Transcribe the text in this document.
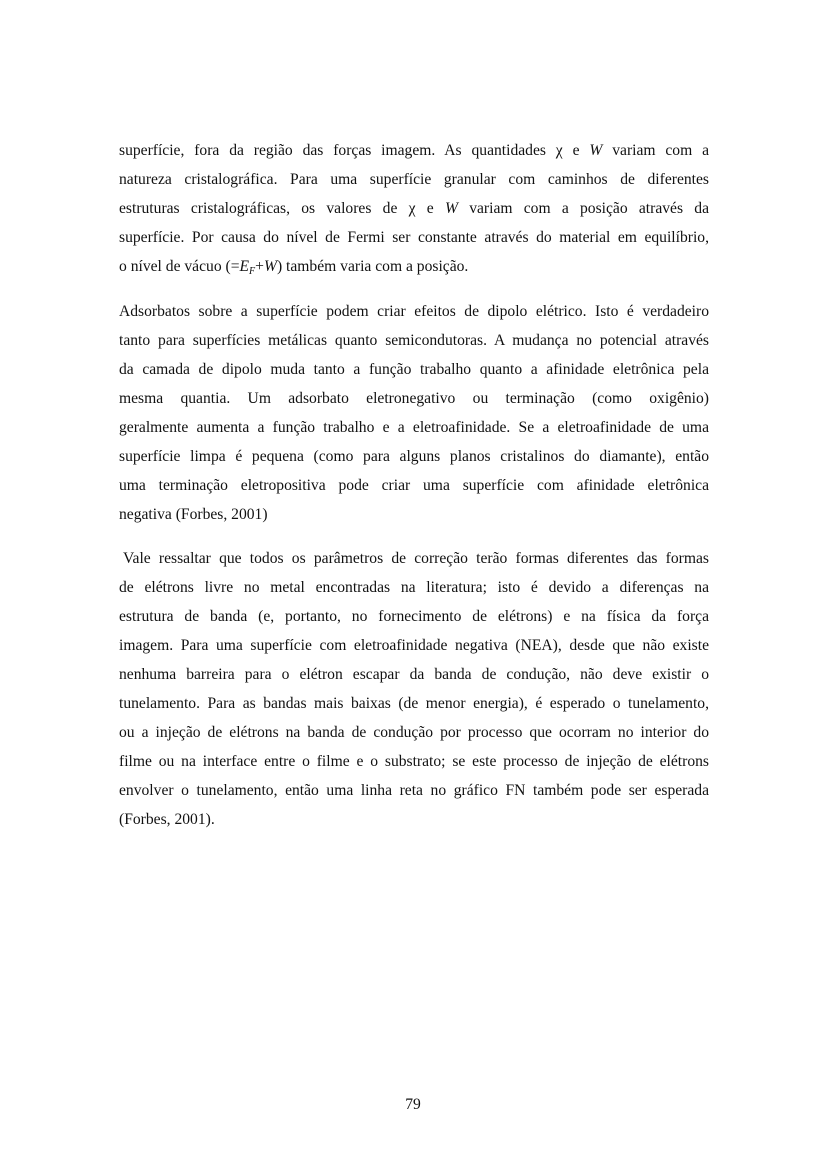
superfície, fora da região das forças imagem. As quantidades χ e W variam com a
natureza cristalográfica. Para uma superfície granular com caminhos de diferentes
estruturas cristalográficas, os valores de χ e W variam com a posição através da
superfície. Por causa do nível de Fermi ser constante através do material em equilíbrio,
o nível de vácuo $(=E_F+W)$ também varia com a posição.

Adsorbatos sobre a superfície podem criar efeitos de dipolo elétrico. Isto é verdadeiro
tanto para superfícies metálicas quanto semicondutoras. A mudança no potencial através
da camada de dipolo muda tanto a função trabalho quanto a afinidade eletrônica pela
mesma quantia. Um adsorbato eletronegativo ou terminação (como oxigênio)
geralmente aumenta a função trabalho e a eletroafinidade. Se a eletroafinidade de uma
superfície limpa é pequena (como para alguns planos cristalinos do diamante), então
uma terminação eletropositiva pode criar uma superfície com afinidade eletrônica
negativa (Forbes, 2001)

Vale ressaltar que todos os parâmetros de correção terão formas diferentes das formas
de elétrons livre no metal encontradas na literatura; isto é devido a diferenças na
estrutura de banda (e, portanto, no fornecimento de elétrons) e na física da força
imagem. Para uma superfície com eletroafinidade negativa (NEA), desde que não existe
nenhuma barreira para o elétron escapar da banda de condução, não deve existir o
tunelamento. Para as bandas mais baixas (de menor energia), é esperado o tunelamento,
ou a injeção de elétrons na banda de condução por processo que ocorram no interior do
filme ou na interface entre o filme e o substrato; se este processo de injeção de elétrons
envolver o tunelamento, então uma linha reta no gráfico FN também pode ser esperada
(Forbes, 2001).

79
